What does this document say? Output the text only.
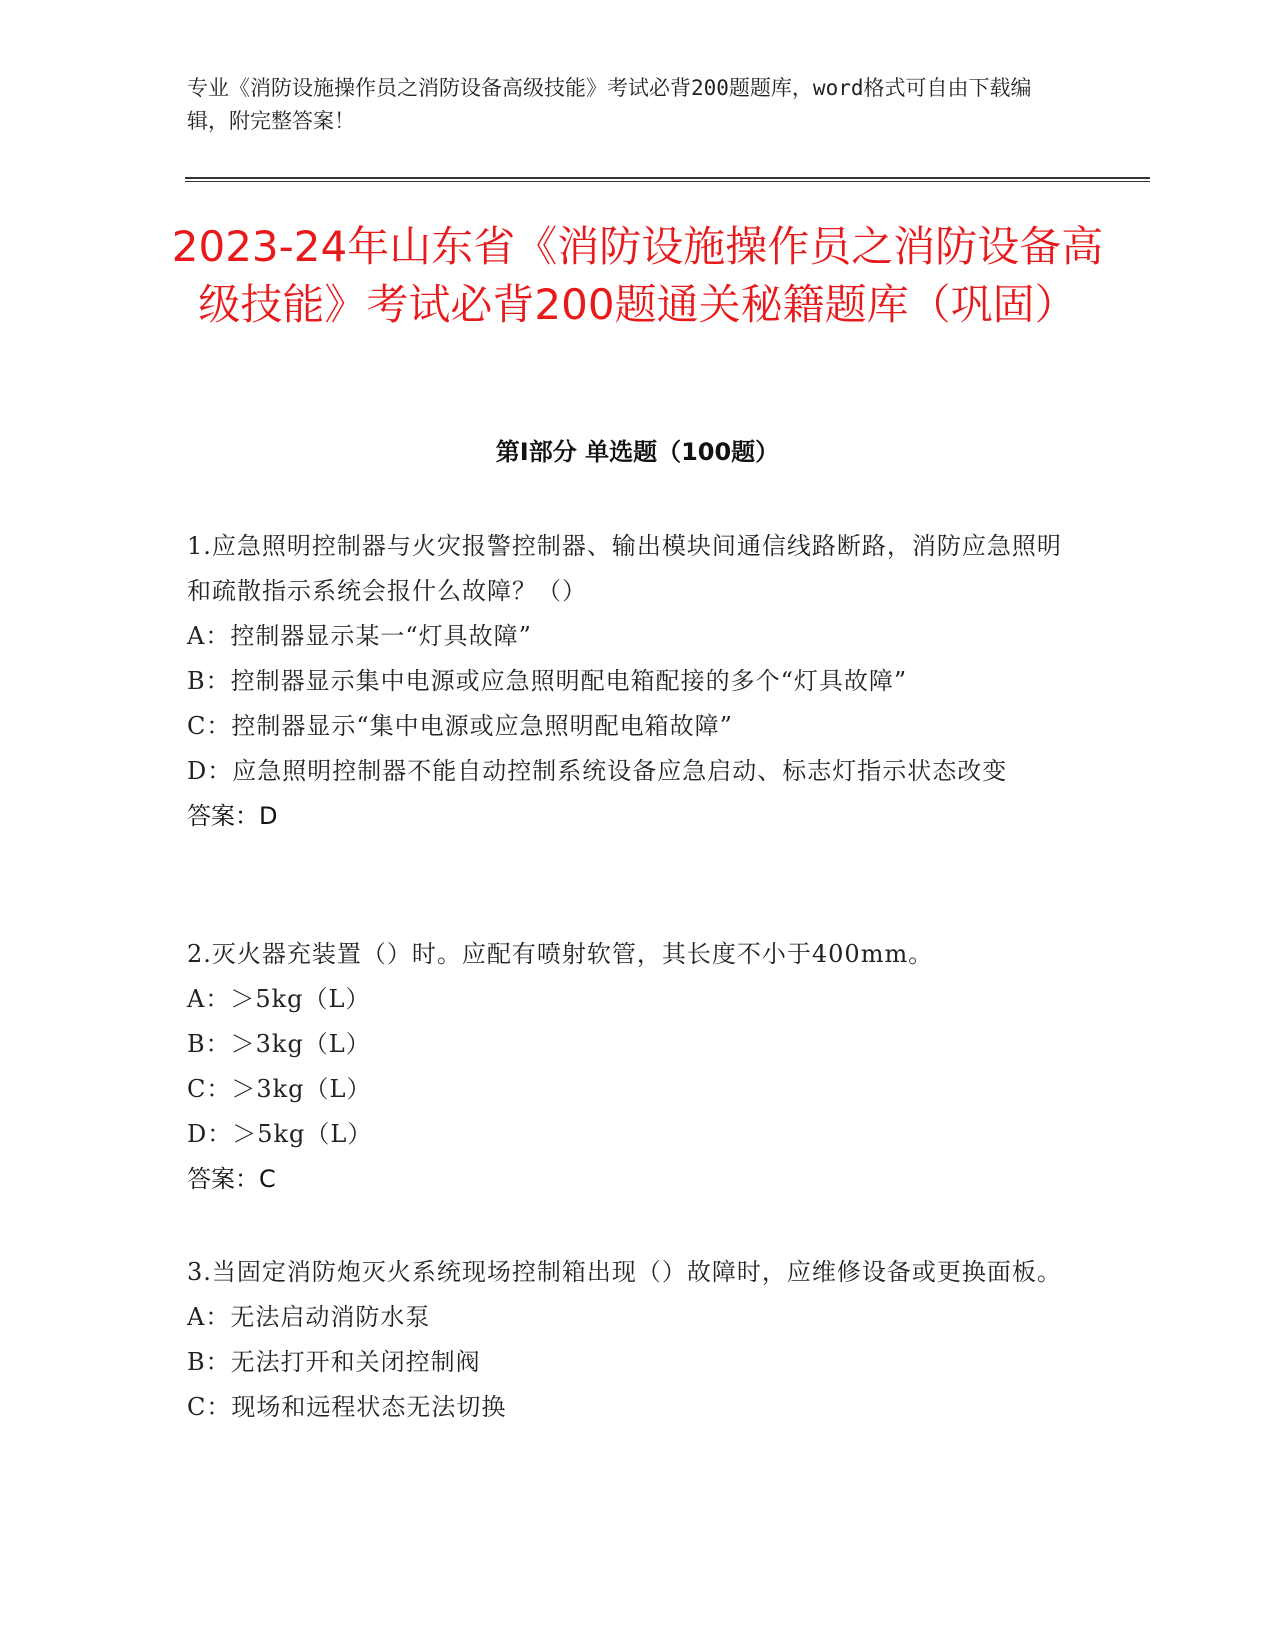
专业《消防设施操作员之消防设备高级技能》考试必背200题题库，word格式可自由下载编辑，附完整答案！

2023-24年山东省《消防设施操作员之消防设备高级技能》考试必背200题通关秘籍题库（巩固）
第I部分 单选题（100题）

1.应急照明控制器与火灾报警控制器、输出模块间通信线路断路，消防应急照明和疏散指示系统会报什么故障？（）

A：控制器显示某一“灯具故障”

B：控制器显示集中电源或应急照明配电箱配接的多个“灯具故障”

C：控制器显示“集中电源或应急照明配电箱故障”

D：应急照明控制器不能自动控制系统设备应急启动、标志灯指示状态改变

答案：D

2.灭火器充装置（）时。应配有喷射软管，其长度不小于400mm。

A：＞5kg（L）

B：＞3kg（L）

C：＞3kg（L）

D：＞5kg（L）

答案：C

3.当固定消防炮灭火系统现场控制箱出现（）故障时，应维修设备或更换面板。

A：无法启动消防水泵

B：无法打开和关闭控制阀

C：现场和远程状态无法切换
